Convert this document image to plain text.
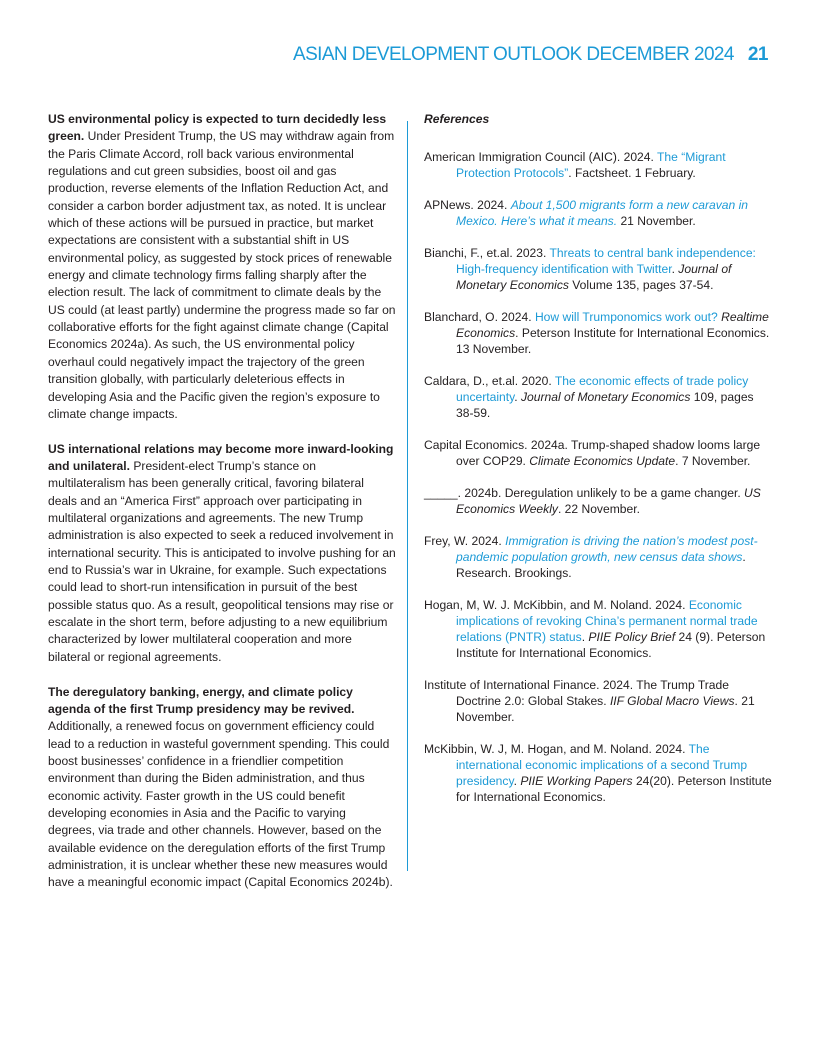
ASIAN DEVELOPMENT OUTLOOK DECEMBER 2024 21

US environmental policy is expected to turn decidedly less green. Under President Trump, the US may withdraw again from the Paris Climate Accord, roll back various environmental regulations and cut green subsidies, boost oil and gas production, reverse elements of the Inflation Reduction Act, and consider a carbon border adjustment tax, as noted. It is unclear which of these actions will be pursued in practice, but market expectations are consistent with a substantial shift in US environmental policy, as suggested by stock prices of renewable energy and climate technology firms falling sharply after the election result. The lack of commitment to climate deals by the US could (at least partly) undermine the progress made so far on collaborative efforts for the fight against climate change (Capital Economics 2024a). As such, the US environmental policy overhaul could negatively impact the trajectory of the green transition globally, with particularly deleterious effects in developing Asia and the Pacific given the region’s exposure to climate change impacts.

US international relations may become more inward-looking and unilateral. President-elect Trump’s stance on multilateralism has been generally critical, favoring bilateral deals and an “America First” approach over participating in multilateral organizations and agreements. The new Trump administration is also expected to seek a reduced involvement in international security. This is anticipated to involve pushing for an end to Russia’s war in Ukraine, for example. Such expectations could lead to short-run intensification in pursuit of the best possible status quo. As a result, geopolitical tensions may rise or escalate in the short term, before adjusting to a new equilibrium characterized by lower multilateral cooperation and more bilateral or regional agreements.

The deregulatory banking, energy, and climate policy agenda of the first Trump presidency may be revived. Additionally, a renewed focus on government efficiency could lead to a reduction in wasteful government spending. This could boost businesses’ confidence in a friendlier competition environment than during the Biden administration, and thus economic activity. Faster growth in the US could benefit developing economies in Asia and the Pacific to varying degrees, via trade and other channels. However, based on the available evidence on the deregulation efforts of the first Trump administration, it is unclear whether these new measures would have a meaningful economic impact (Capital Economics 2024b).

References
American Immigration Council (AIC). 2024. The “Migrant Protection Protocols”. Factsheet. 1 February.
APNews. 2024. About 1,500 migrants form a new caravan in Mexico. Here’s what it means. 21 November.
Bianchi, F., et.al. 2023. Threats to central bank independence: High-frequency identification with Twitter. Journal of Monetary Economics Volume 135, pages 37-54.
Blanchard, O. 2024. How will Trumponomics work out? Realtime Economics. Peterson Institute for International Economics. 13 November.
Caldara, D., et.al. 2020. The economic effects of trade policy uncertainty. Journal of Monetary Economics 109, pages 38-59.
Capital Economics. 2024a. Trump-shaped shadow looms large over COP29. Climate Economics Update. 7 November.
_____. 2024b. Deregulation unlikely to be a game changer. US Economics Weekly. 22 November.
Frey, W. 2024. Immigration is driving the nation’s modest post-pandemic population growth, new census data shows. Research. Brookings.
Hogan, M, W. J. McKibbin, and M. Noland. 2024. Economic implications of revoking China’s permanent normal trade relations (PNTR) status. PIIE Policy Brief 24 (9). Peterson Institute for International Economics.
Institute of International Finance. 2024. The Trump Trade Doctrine 2.0: Global Stakes. IIF Global Macro Views. 21 November.
McKibbin, W. J, M. Hogan, and M. Noland. 2024. The international economic implications of a second Trump presidency. PIIE Working Papers 24(20). Peterson Institute for International Economics.
